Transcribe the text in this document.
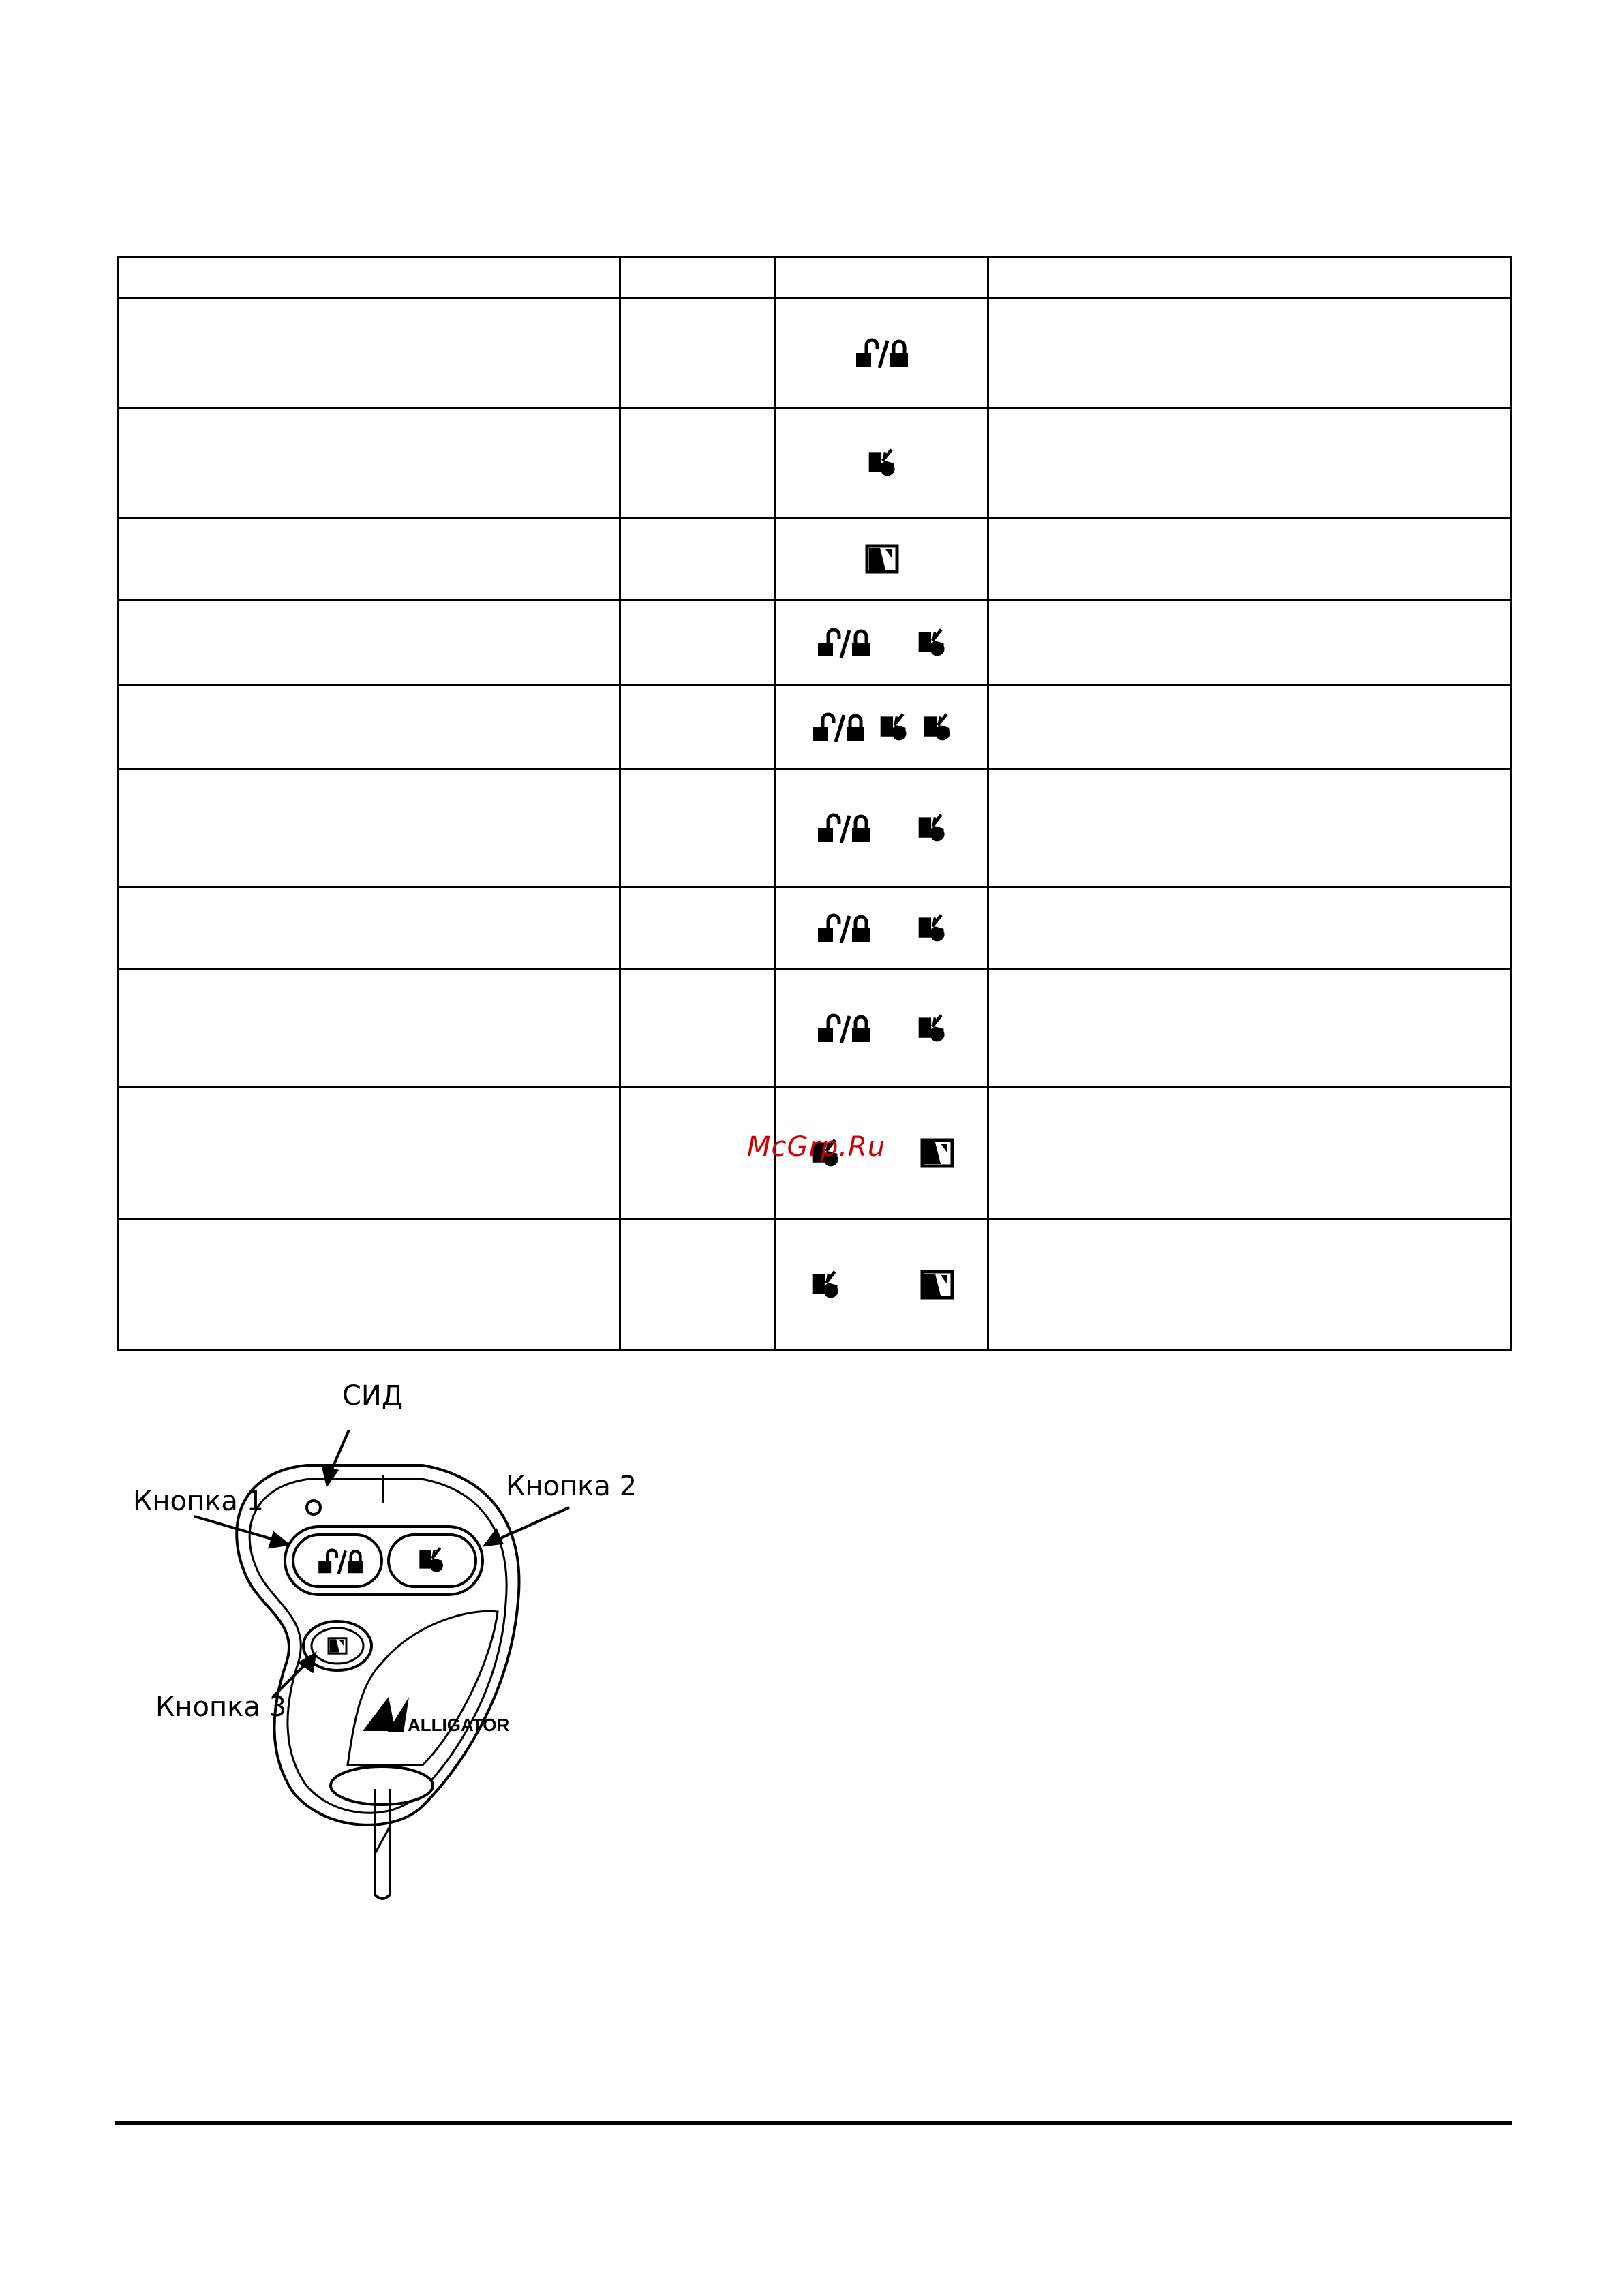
McGrp.Ru
ALLIGATOR
СИД
Кнопка 1	Кнопка 2
Кнопка 3
